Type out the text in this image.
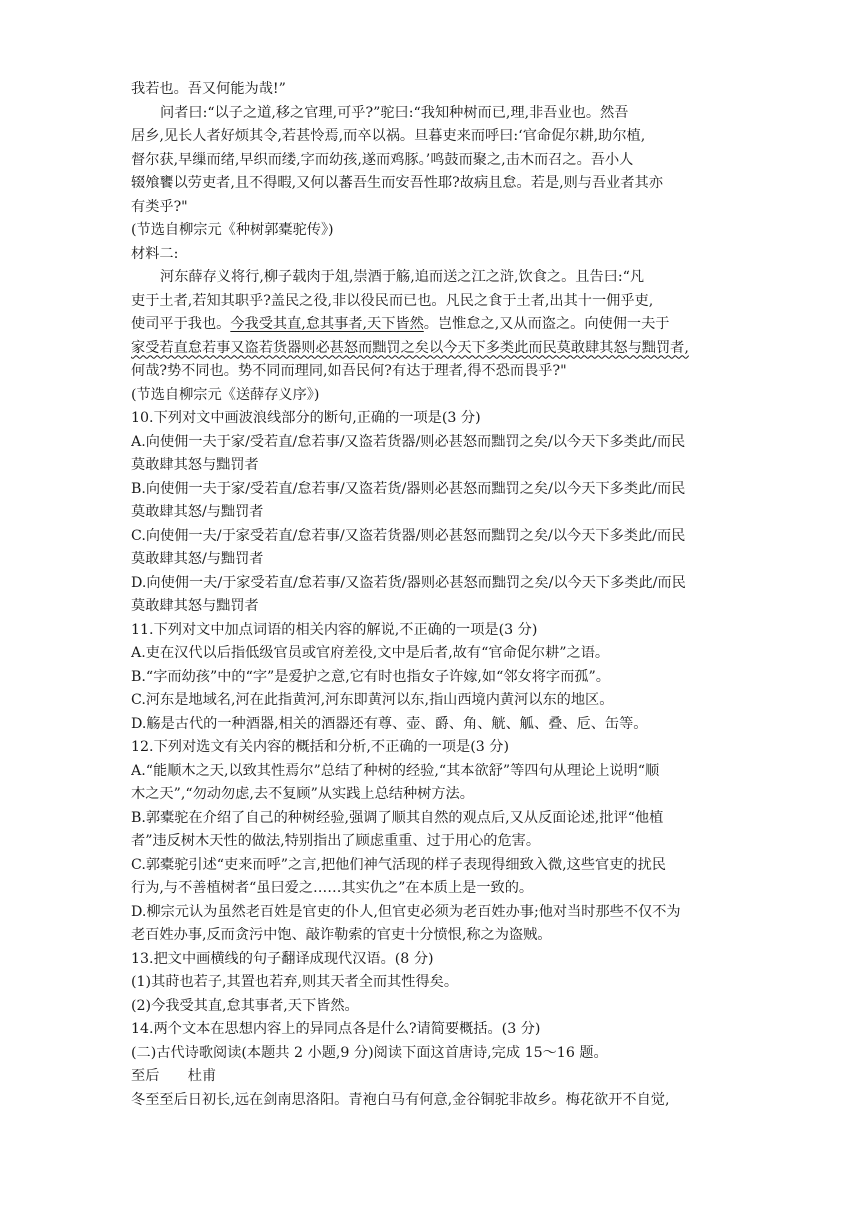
我若也。吾又何能为哉!”

问者曰:“以子之道,移之官理,可乎?”驼曰:“我知种树而已,理,非吾业也。然吾

居乡,见长人者好烦其令,若甚怜焉,而卒以祸。旦暮吏来而呼曰:‘官命促尔耕,助尔植,

督尔获,早缫而绪,早织而缕,字而幼孩,遂而鸡豚。’鸣鼓而聚之,击木而召之。吾小人

辍飧饔以劳吏者,且不得暇,又何以蕃吾生而安吾性耶?故病且怠。若是,则与吾业者其亦

有类乎?"

(节选自柳宗元《种树郭橐驼传》)

材料二:

河东薛存义将行,柳子载肉于俎,崇酒于觞,追而送之江之浒,饮食之。且告曰:“凡

吏于土者,若知其职乎?盖民之役,非以役民而已也。凡民之食于土者,出其十一佣乎吏,

使司平于我也。今我受其直,怠其事者,天下皆然。岂惟怠之,又从而盗之。向使佣一夫于

家受若直怠若事又盗若货器则必甚怒而黜罚之矣以今天下多类此而民莫敢肆其怒与黜罚者,

何哉?势不同也。势不同而理同,如吾民何?有达于理者,得不恐而畏乎?"

(节选自柳宗元《送薛存义序》)

10.下列对文中画波浪线部分的断句,正确的一项是(3 分)

A.向使佣一夫于家/受若直/怠若事/又盗若货器/则必甚怒而黜罚之矣/以今天下多类此/而民

莫敢肆其怒与黜罚者

B.向使佣一夫于家/受若直/怠若事/又盗若货/器则必甚怒而黜罚之矣/以今天下多类此/而民

莫敢肆其怒/与黜罚者

C.向使佣一夫/于家受若直/怠若事/又盗若货器/则必甚怒而黜罚之矣/以今天下多类此/而民

莫敢肆其怒/与黜罚者

D.向使佣一夫/于家受若直/怠若事/又盗若货/器则必甚怒而黜罚之矣/以今天下多类此/而民

莫敢肆其怒与黜罚者

11.下列对文中加点词语的相关内容的解说,不正确的一项是(3 分)

A.吏在汉代以后指低级官员或官府差役,文中是后者,故有“官命促尔耕”之语。

B.“字而幼孩”中的“字”是爱护之意,它有时也指女子许嫁,如“邻女将字而孤”。

C.河东是地域名,河在此指黄河,河东即黄河以东,指山西境内黄河以东的地区。

D.觞是古代的一种酒器,相关的酒器还有尊、壶、爵、角、觥、觚、叠、卮、缶等。

12.下列对选文有关内容的概括和分析,不正确的一项是(3 分)

A.“能顺木之天,以致其性焉尔”总结了种树的经验,“其本欲舒”等四句从理论上说明“顺

木之天”,“勿动勿虑,去不复顾”从实践上总结种树方法。

B.郭橐驼在介绍了自己的种树经验,强调了顺其自然的观点后,又从反面论述,批评“他植

者”违反树木天性的做法,特别指出了顾虑重重、过于用心的危害。

C.郭橐驼引述“吏来而呼”之言,把他们神气活现的样子表现得细致入微,这些官吏的扰民

行为,与不善植树者“虽曰爱之……其实仇之”在本质上是一致的。

D.柳宗元认为虽然老百姓是官吏的仆人,但官吏必须为老百姓办事;他对当时那些不仅不为

老百姓办事,反而贪污中饱、敲诈勒索的官吏十分愤恨,称之为盗贼。

13.把文中画横线的句子翻译成现代汉语。(8 分)

(1)其莳也若子,其置也若弃,则其天者全而其性得矣。

(2)今我受其直,怠其事者,天下皆然。

14.两个文本在思想内容上的异同点各是什么?请简要概括。(3 分)

(二)古代诗歌阅读(本题共 2 小题,9 分)阅读下面这首唐诗,完成 15～16 题。

至后　　杜甫

冬至至后日初长,远在剑南思洛阳。青袍白马有何意,金谷铜驼非故乡。梅花欲开不自觉,
